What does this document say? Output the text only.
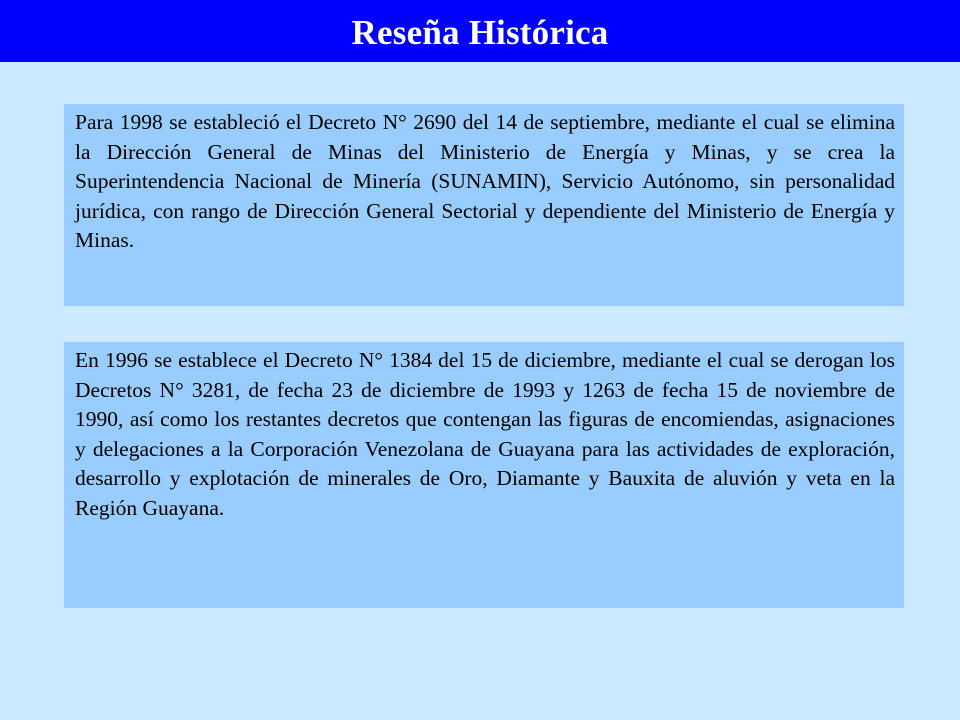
Reseña Histórica

Para 1998 se estableció el Decreto N° 2690 del 14 de septiembre, mediante el cual se elimina la Dirección General de Minas del Ministerio de Energía y Minas, y se crea la Superintendencia Nacional de Minería (SUNAMIN), Servicio Autónomo, sin personalidad jurídica, con rango de Dirección General Sectorial y dependiente del Ministerio de Energía y Minas.

En 1996 se establece el Decreto N° 1384 del 15 de diciembre, mediante el cual se derogan los Decretos N° 3281, de fecha 23 de diciembre de 1993 y 1263 de fecha 15 de noviembre de 1990, así como los restantes decretos que contengan las figuras de encomiendas, asignaciones y delegaciones a la Corporación Venezolana de Guayana para las actividades de exploración, desarrollo y explotación de minerales de Oro, Diamante y Bauxita de aluvión y veta en la Región Guayana.
